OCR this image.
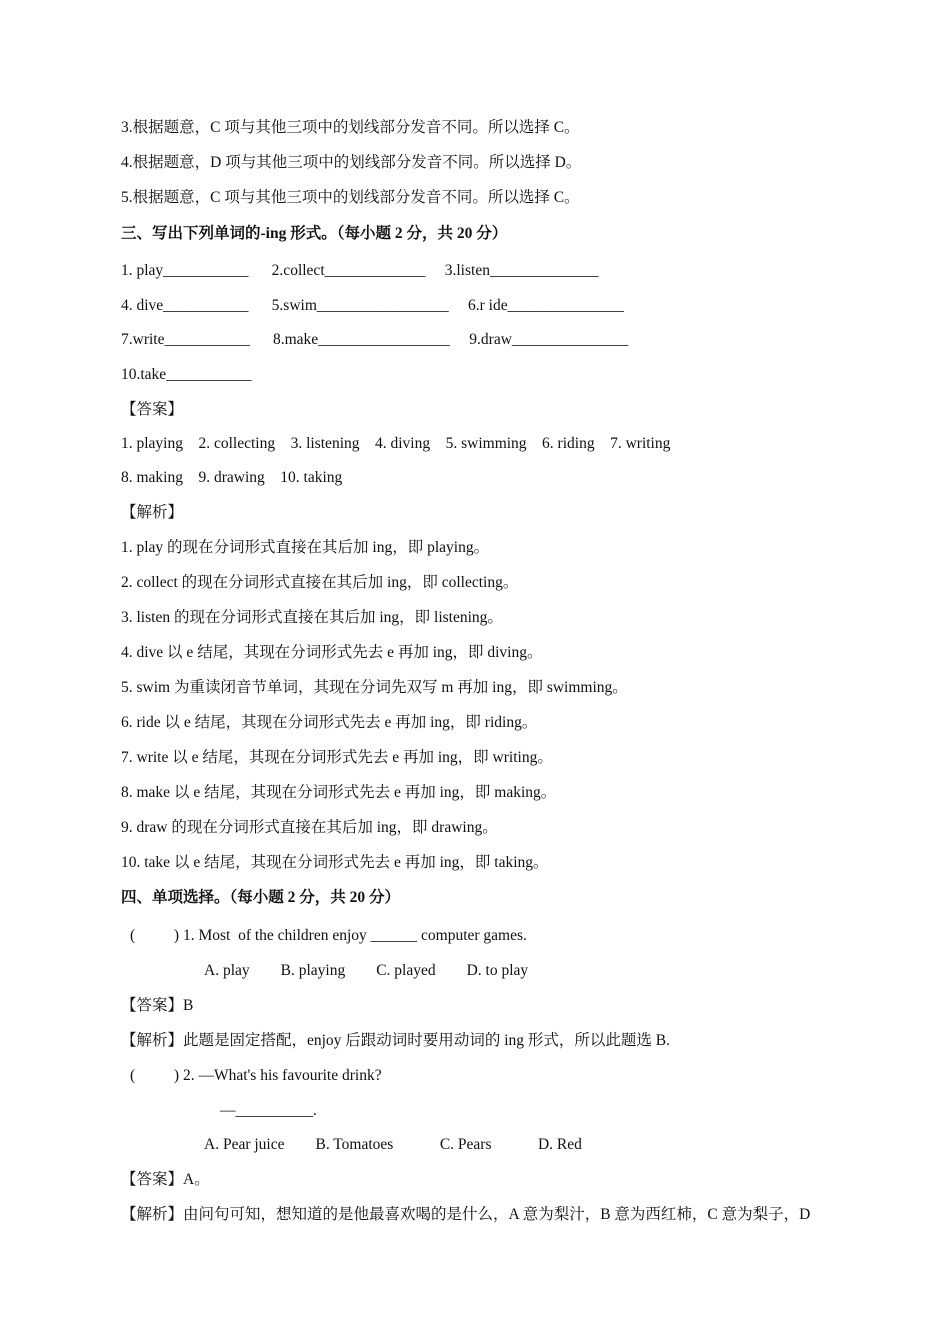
3.根据题意，C 项与其他三项中的划线部分发音不同。所以选择 C。
4.根据题意，D 项与其他三项中的划线部分发音不同。所以选择 D。
5.根据题意，C 项与其他三项中的划线部分发音不同。所以选择 C。
三、写出下列单词的-ing 形式。（每小题 2 分，共 20 分）
1. play___________      2.collect_____________     3.listen______________
4. dive___________      5.swim_________________     6.r ide_______________
7.write___________      8.make_________________     9.draw_______________
10.take___________
【答案】
1. playing    2. collecting    3. listening    4. diving    5. swimming    6. riding    7. writing
8. making    9. drawing    10. taking
【解析】
1. play 的现在分词形式直接在其后加 ing，即 playing。
2. collect 的现在分词形式直接在其后加 ing，即 collecting。
3. listen 的现在分词形式直接在其后加 ing，即 listening。
4. dive 以 e 结尾，其现在分词形式先去 e 再加 ing，即 diving。
5. swim 为重读闭音节单词，其现在分词先双写 m 再加 ing，即 swimming。
6. ride 以 e 结尾，其现在分词形式先去 e 再加 ing，即 riding。
7. write 以 e 结尾，其现在分词形式先去 e 再加 ing，即 writing。
8. make 以 e 结尾，其现在分词形式先去 e 再加 ing，即 making。
9. draw 的现在分词形式直接在其后加 ing，即 drawing。
10. take 以 e 结尾，其现在分词形式先去 e 再加 ing，即 taking。
四、单项选择。（每小题 2 分，共 20 分）
(          ) 1. Most  of the children enjoy ______ computer games.
A. play        B. playing        C. played        D. to play
【答案】B
【解析】此题是固定搭配，enjoy 后跟动词时要用动词的 ing 形式，所以此题选 B.
(          ) 2. —What's his favourite drink?
—__________.
A. Pear juice        B. Tomatoes            C. Pears            D. Red
【答案】A。
【解析】由问句可知，想知道的是他最喜欢喝的是什么，A 意为梨汁，B 意为西红柿，C 意为梨子，D
